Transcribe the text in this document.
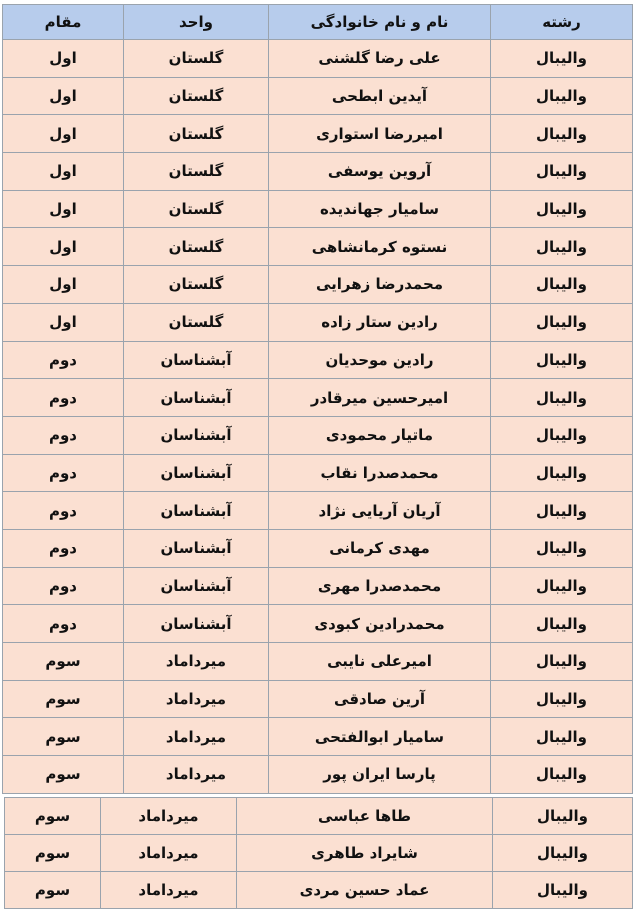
رشته	نام و نام خانوادگی	واحد	مقام
والیبال	علی رضا گلشنی	گلستان	اول
والیبال	آیدین ابطحی	گلستان	اول
والیبال	امیررضا استواری	گلستان	اول
والیبال	آروین یوسفی	گلستان	اول
والیبال	سامیار جهاندیده	گلستان	اول
والیبال	نستوه کرمانشاهی	گلستان	اول
والیبال	محمدرضا زهرایی	گلستان	اول
والیبال	رادین ستار زاده	گلستان	اول
والیبال	رادین موحدیان	آبشناسان	دوم
والیبال	امیرحسین میرقادر	آبشناسان	دوم
والیبال	ماتیار محمودی	آبشناسان	دوم
والیبال	محمدصدرا نقاب	آبشناسان	دوم
والیبال	آریان آریایی نژاد	آبشناسان	دوم
والیبال	مهدی کرمانی	آبشناسان	دوم
والیبال	محمدصدرا مهری	آبشناسان	دوم
والیبال	محمدرادین کبودی	آبشناسان	دوم
والیبال	امیرعلی نایبی	میرداماد	سوم
والیبال	آرین صادقی	میرداماد	سوم
والیبال	سامیار ابوالفتحی	میرداماد	سوم
والیبال	پارسا ایران پور	میرداماد	سوم
والیبال	طاها عباسی	میرداماد	سوم
والیبال	شایراد طاهری	میرداماد	سوم
والیبال	عماد حسین مردی	میرداماد	سوم
